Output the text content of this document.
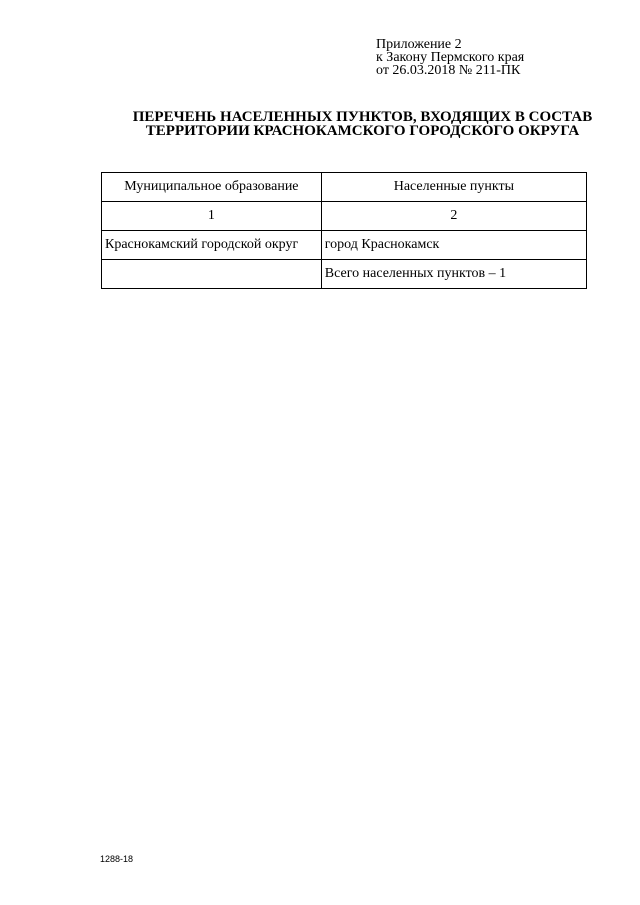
Приложение 2
к Закону Пермского края
от 26.03.2018 № 211-ПК
ПЕРЕЧЕНЬ НАСЕЛЕННЫХ ПУНКТОВ, ВХОДЯЩИХ В СОСТАВ
ТЕРРИТОРИИ КРАСНОКАМСКОГО ГОРОДСКОГО ОКРУГА
Муниципальное образование	Населенные пункты
1	2
Краснокамский городской округ	город Краснокамск
	Всего населенных пунктов – 1
1288-18
